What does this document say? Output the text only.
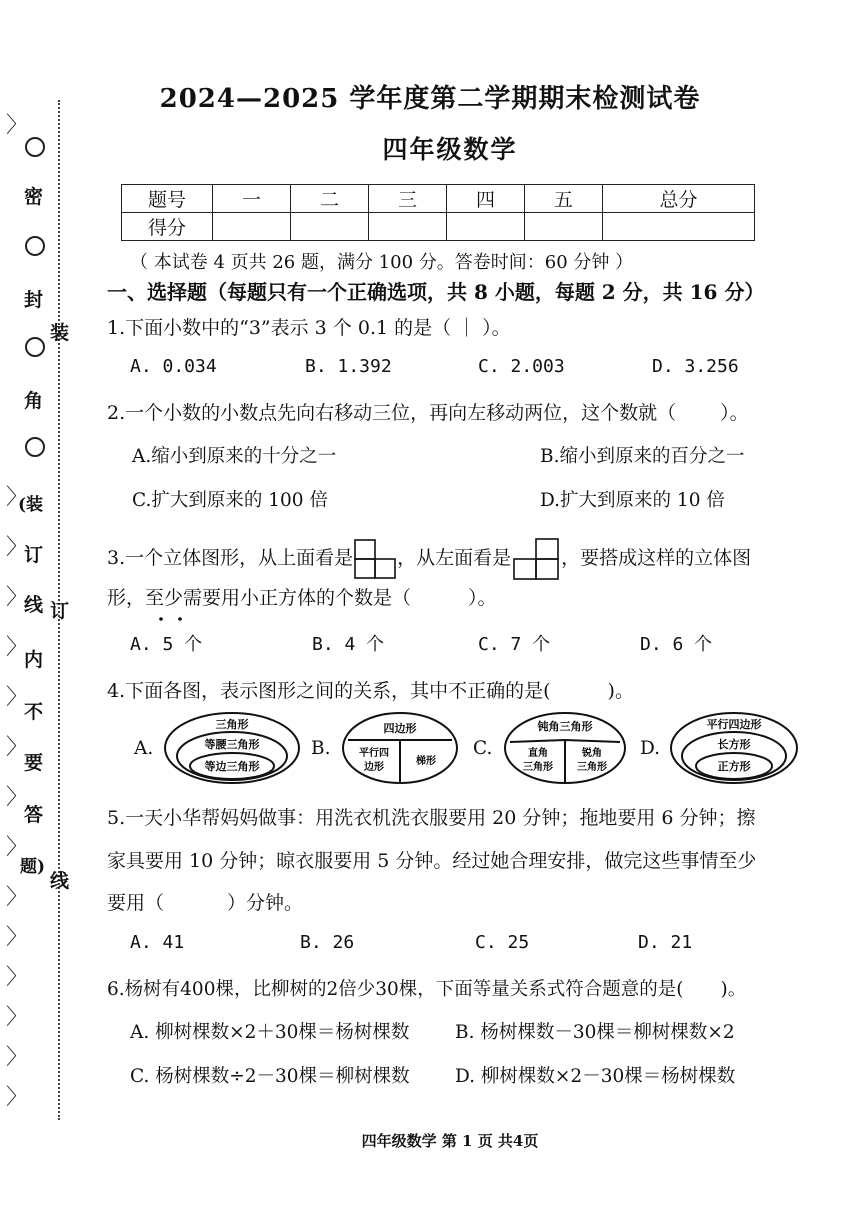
密
封
角
(装
订
线
内
不
要
答
题)
装
订
线
〉
〉
〉
〉
〉
〉
〉
〉
〉
〉
〉
〉
〉
〉
〉
2024—2025 学年度第二学期期末检测试卷
四年级数学
题号	一	二	三	四	五	总分
得分						
（ 本试卷 4 页共 26 题，满分 100 分。答卷时间：60 分钟 ）
一、选择题（每题只有一个正确选项，共 8 小题，每题 2 分，共 16 分）
1.下面小数中的“3”表示 3 个 0.1 的是（ ｜ ）。
A. 0.034	B. 1.392	C. 2.003	D. 3.256
2.一个小数的小数点先向右移动三位，再向左移动两位，这个数就（　　 ）。
A.缩小到原来的十分之一	B.缩小到原来的百分之一
C.扩大到原来的 100 倍	D.扩大到原来的 10 倍
3.一个立体图形，从上面看是 ，从左面看是	，要搭成这样的立体图
形，至少需要用小正方体的个数是（　　　）。
A. 5 个	B. 4 个	C. 7 个	D. 6 个
4.下面各图，表示图形之间的关系，其中不正确的是(　　　)。
A.
三角形
等腰三角形
等边三角形
B.
四边形
平行四
边形
梯形
C.
钝角三角形
直角
三角形
锐角
三角形
D.
平行四边形
长方形
正方形
5.一天小华帮妈妈做事：用洗衣机洗衣服要用 20 分钟；拖地要用 6 分钟；擦
家具要用 10 分钟；晾衣服要用 5 分钟。经过她合理安排，做完这些事情至少
要用（　　　 ）分钟。
A. 41	B. 26	C. 25	D. 21
6.杨树有400棵，比柳树的2倍少30棵，下面等量关系式符合题意的是(　　)。
A. 柳树棵数×2＋30棵＝杨树棵数 B. 杨树棵数－30棵＝柳树棵数×2
C. 杨树棵数÷2－30棵＝柳树棵数 D. 柳树棵数×2－30棵＝杨树棵数
四年级数学 第 1 页 共4页
